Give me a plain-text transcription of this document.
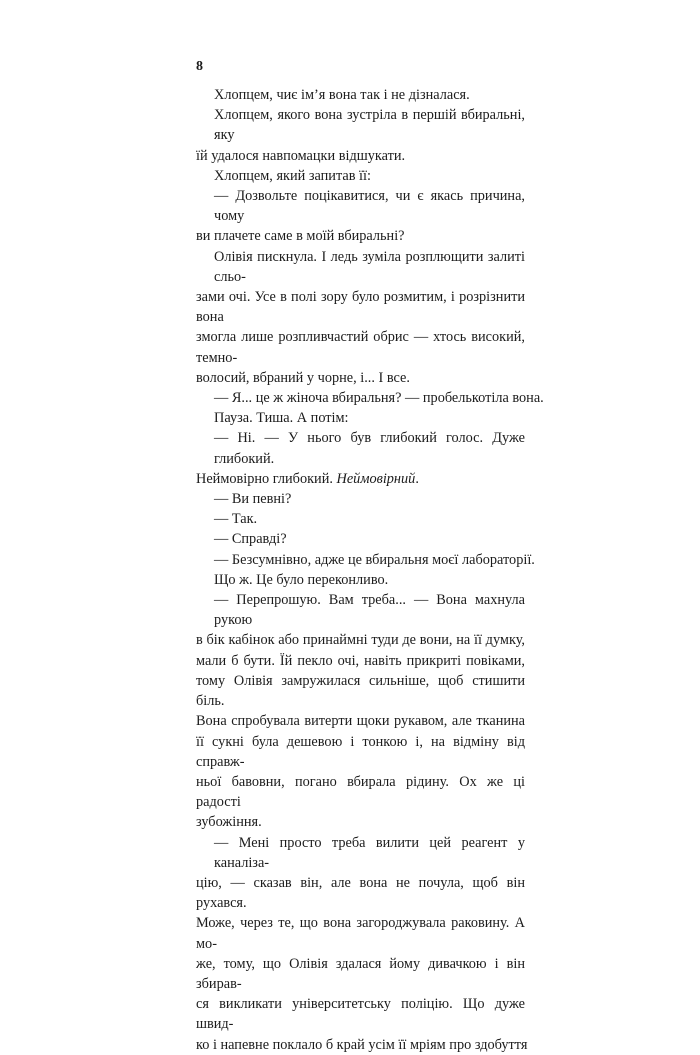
8

Хлопцем, чиє ім’я вона так і не дізналася.

Хлопцем, якого вона зустріла в першій вбиральні, яку
їй удалося навпомацки відшукати.

Хлопцем, який запитав її:

— Дозвольте поцікавитися, чи є якась причина, чому
ви плачете саме в моїй вбиральні?

Олівія пискнула. І ледь зуміла розплющити залиті сльо-
зами очі. Усе в полі зору було розмитим, і розрізнити вона
змогла лише розпливчастий обрис — хтось високий, темно-
волосий, вбраний у чорне, і... І все.

— Я... це ж жіноча вбиральня? — пробелькотіла вона.

Пауза. Тиша. А потім:

— Ні. — У нього був глибокий голос. Дуже глибокий.
Неймовірно глибокий. Неймовірний.

— Ви певні?

— Так.

— Справді?

— Безсумнівно, адже це вбиральня моєї лабораторії.

Що ж. Це було переконливо.

— Перепрошую. Вам треба... — Вона махнула рукою
в бік кабінок або принаймні туди де вони, на її думку,
мали б бути. Їй пекло очі, навіть прикриті повіками,
тому Олівія замружилася сильніше, щоб стишити біль.
Вона спробувала витерти щоки рукавом, але тканина
її сукні була дешевою і тонкою і, на відміну від справж-
ньої бавовни, погано вбирала рідину. Ох же ці радості
зубожіння.

— Мені просто треба вилити цей реагент у каналіза-
цію, — сказав він, але вона не почула, щоб він рухався.
Може, через те, що вона загороджувала раковину. А мо-
же, тому, що Олівія здалася йому дивачкою і він збирав-
ся викликати університетську поліцію. Що дуже швид-
ко і напевне поклало б край усім її мріям про здобуття
